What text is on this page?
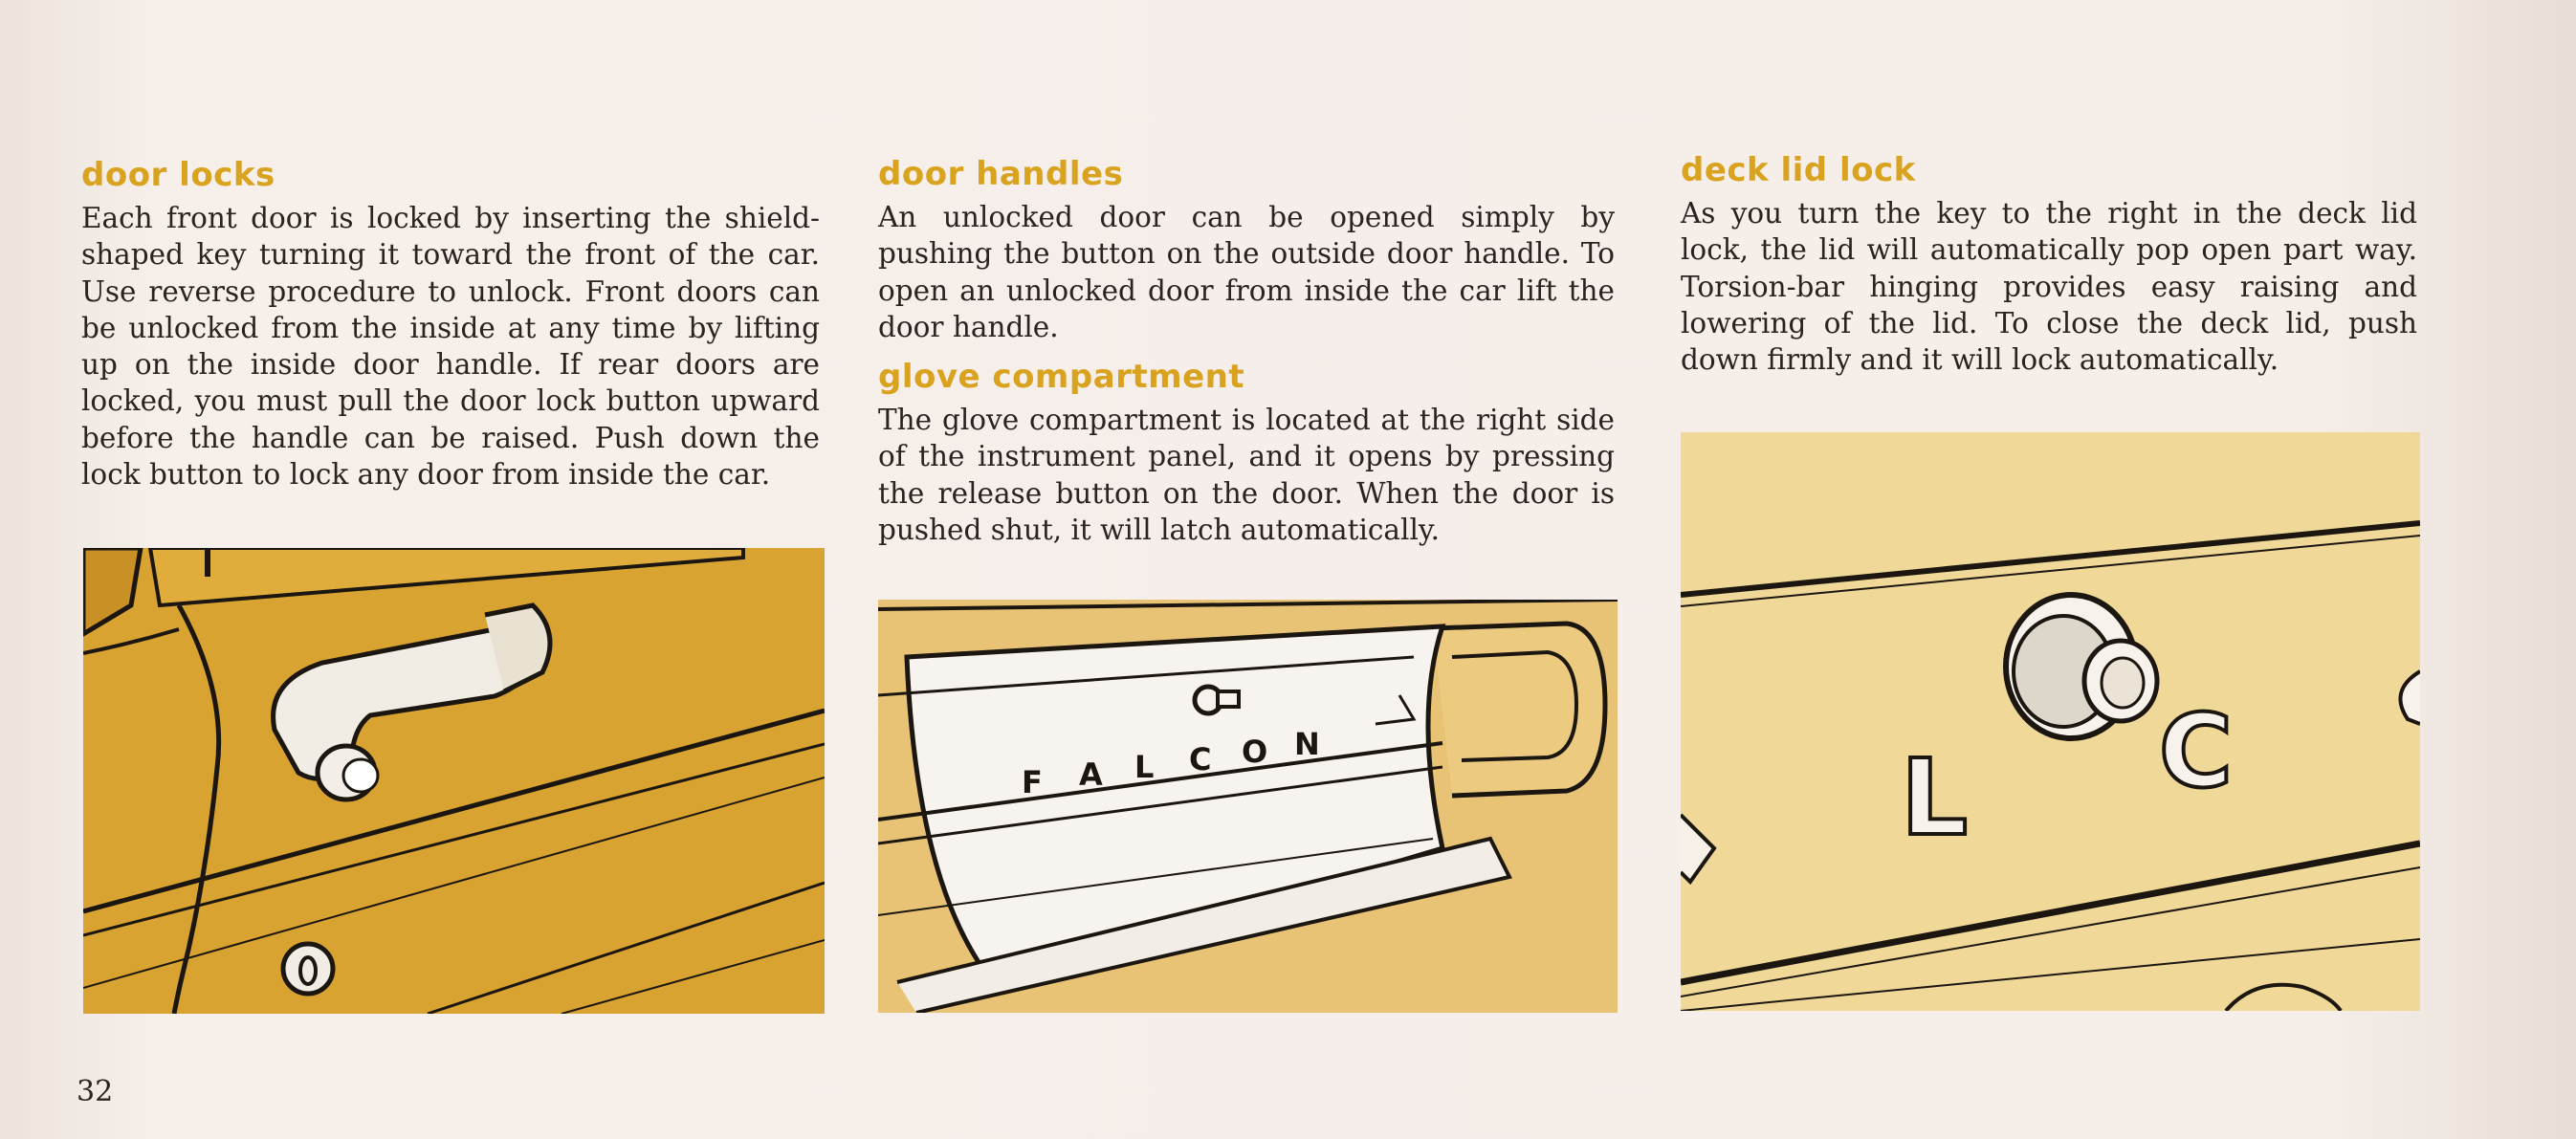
door locks

Each front door is locked by inserting the shield-shaped key turning it toward the front of the car. Use reverse procedure to unlock. Front doors can be unlocked from the inside at any time by lifting up on the inside door handle. If rear doors are locked, you must pull the door lock button upward before the handle can be raised. Push down the lock button to lock any door from inside the car.

door handles

An unlocked door can be opened simply by pushing the button on the outside door handle. To open an unlocked door from inside the car lift the door handle.

glove compartment

The glove compartment is located at the right side of the instrument panel, and it opens by pressing the release button on the door. When the door is pushed shut, it will latch automatically.

F A L C O N
deck lid lock

As you turn the key to the right in the deck lid lock, the lid will automatically pop open part way. Torsion-bar hinging provides easy raising and lowering of the lid. To close the deck lid, push down firmly and it will lock automatically.

L C
32
